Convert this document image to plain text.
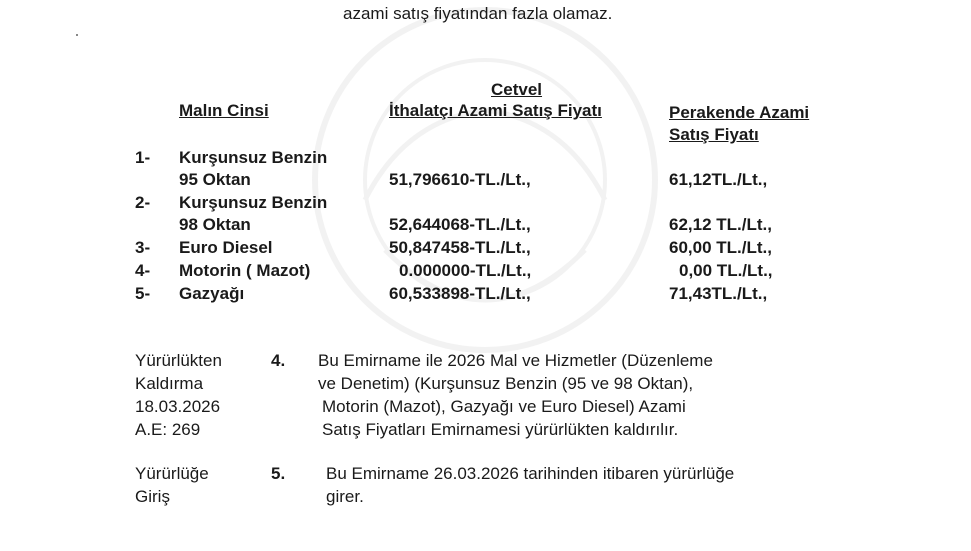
azami satış fiyatından fazla olamaz.
Cetvel
Malın Cinsi	İthalatçı Azami Satış Fiyatı	Perakende Azami
Satış Fiyatı
1- Kurşunsuz Benzin
95 Oktan	51,796610-TL./Lt.,	61,12TL./Lt.,
2- Kurşunsuz Benzin
98 Oktan	52,644068-TL./Lt.,	62,12 TL./Lt.,
3- Euro Diesel	50,847458-TL./Lt.,	60,00 TL./Lt.,
4- Motorin ( Mazot)	0.000000-TL./Lt.,	0,00 TL./Lt.,
5- Gazyağı	60,533898-TL./Lt.,	71,43TL./Lt.,
Yürürlükten
Kaldırma
18.03.2026
A.E: 269
4. Bu Emirname ile 2026 Mal ve Hizmetler (Düzenleme
ve Denetim) (Kurşunsuz Benzin (95 ve 98 Oktan),
Motorin (Mazot), Gazyağı ve Euro Diesel) Azami
Satış Fiyatları Emirnamesi yürürlükten kaldırılır.
Yürürlüğe
Giriş
5. Bu Emirname 26.03.2026 tarihinden itibaren yürürlüğe
girer.
